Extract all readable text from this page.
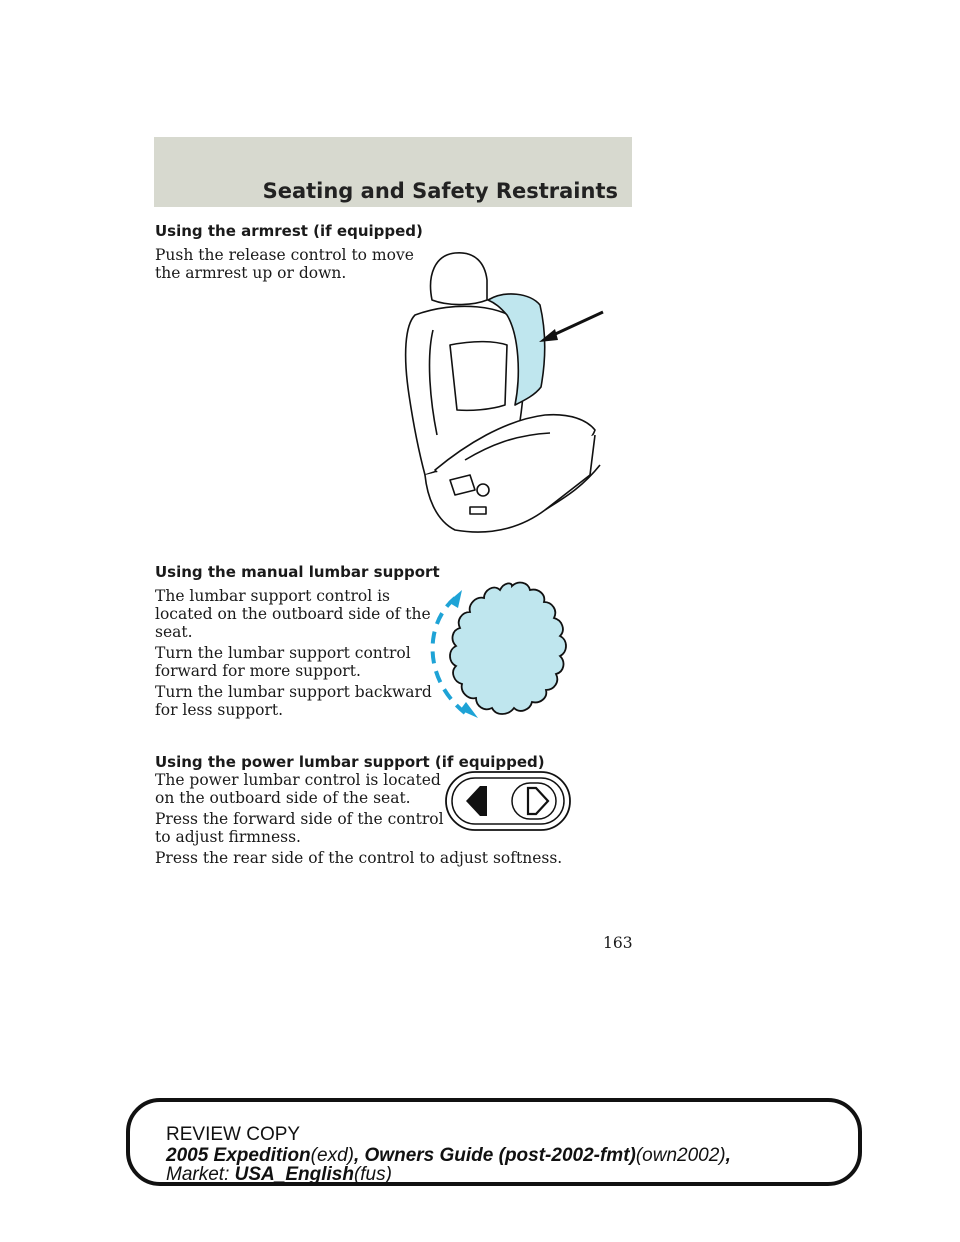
Seating and Safety Restraints
Using the armrest (if equipped)
Push the release control to move
the armrest up or down.
Using the manual lumbar support
The lumbar support control is
located on the outboard side of the
seat.
Turn the lumbar support control
forward for more support.
Turn the lumbar support backward
for less support.
Using the power lumbar support (if equipped)
The power lumbar control is located
on the outboard side of the seat.
Press the forward side of the control
to adjust firmness.
Press the rear side of the control to adjust softness.
163
REVIEW COPY
2005 Expedition(exd), Owners Guide (post-2002-fmt)(own2002),
Market: USA_English(fus)
